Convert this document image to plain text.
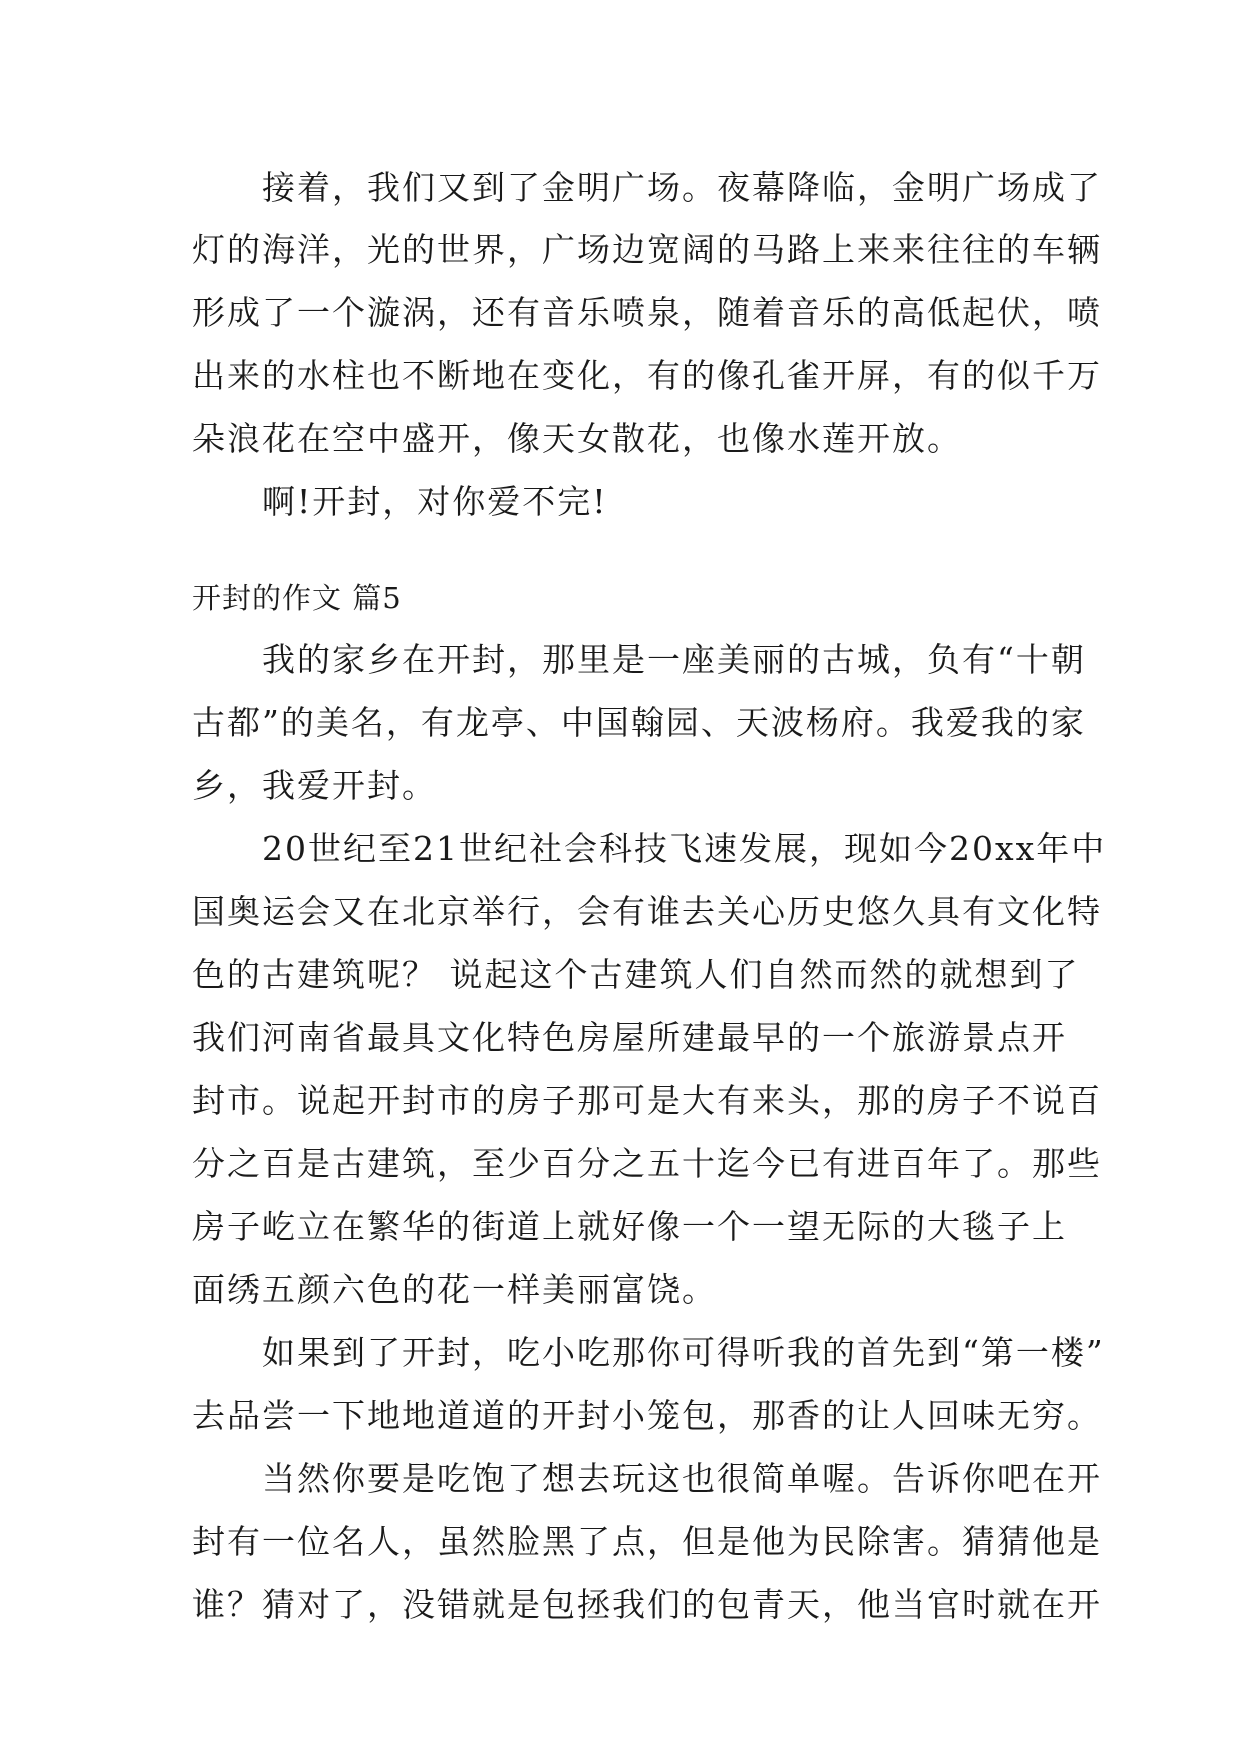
　　接着，我们又到了金明广场。夜幕降临，金明广场成了
灯的海洋，光的世界，广场边宽阔的马路上来来往往的车辆
形成了一个漩涡，还有音乐喷泉，随着音乐的高低起伏，喷
出来的水柱也不断地在变化，有的像孔雀开屏，有的似千万
朵浪花在空中盛开，像天女散花，也像水莲开放。
　　啊!开封，对你爱不完!
开封的作文 篇5
　　我的家乡在开封，那里是一座美丽的古城，负有“十朝
古都”的美名，有龙亭、中国翰园、天波杨府。我爱我的家
乡，我爱开封。
　　20世纪至21世纪社会科技飞速发展，现如今20xx年中
国奥运会又在北京举行，会有谁去关心历史悠久具有文化特
色的古建筑呢？ 说起这个古建筑人们自然而然的就想到了
我们河南省最具文化特色房屋所建最早的一个旅游景点开
封市。说起开封市的房子那可是大有来头，那的房子不说百
分之百是古建筑，至少百分之五十迄今已有进百年了。那些
房子屹立在繁华的街道上就好像一个一望无际的大毯子上
面绣五颜六色的花一样美丽富饶。
　　如果到了开封，吃小吃那你可得听我的首先到“第一楼”
去品尝一下地地道道的开封小笼包，那香的让人回味无穷。
　　当然你要是吃饱了想去玩这也很简单喔。告诉你吧在开
封有一位名人，虽然脸黑了点，但是他为民除害。猜猜他是
谁？猜对了，没错就是包拯我们的包青天，他当官时就在开
